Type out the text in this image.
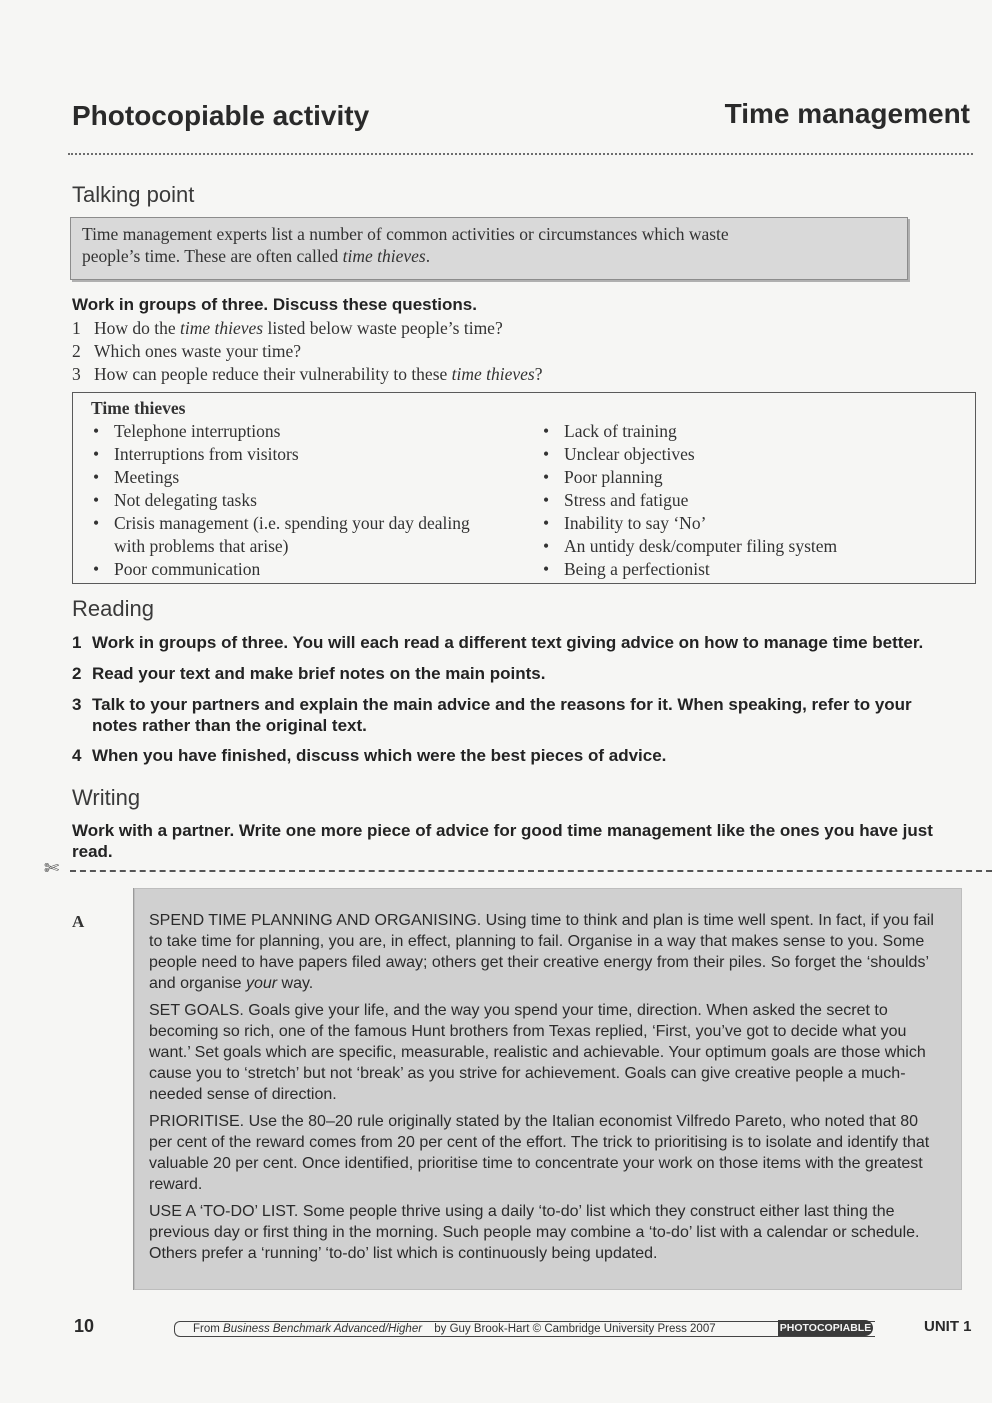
Photocopiable activity	Time management
Talking point
Time management experts list a number of common activities or circumstances which waste
people’s time. These are often called time thieves.
Work in groups of three. Discuss these questions.
1 How do the time thieves listed below waste people’s time?
2 Which ones waste your time?
3 How can people reduce their vulnerability to these time thieves?
Time thieves
• Telephone interruptions
• Interruptions from visitors
• Meetings
• Not delegating tasks
• Crisis management (i.e. spending your day dealing with problems that arise)
• Poor communication
• Lack of training
• Unclear objectives
• Poor planning
• Stress and fatigue
• Inability to say ‘No’
• An untidy desk/computer filing system
• Being a perfectionist
Reading
1 Work in groups of three. You will each read a different text giving advice on how to manage time better.
2 Read your text and make brief notes on the main points.
3 Talk to your partners and explain the main advice and the reasons for it. When speaking, refer to your notes rather than the original text.
4 When you have finished, discuss which were the best pieces of advice.
Writing
Work with a partner. Write one more piece of advice for good time management like the ones you have just read.
✄
A	SPEND TIME PLANNING AND ORGANISING. Using time to think and plan is time well spent. In fact, if you fail to take time for planning, you are, in effect, planning to fail. Organise in a way that makes sense to you. Some people need to have papers filed away; others get their creative energy from their piles. So forget the ‘shoulds’ and organise your way.

SET GOALS. Goals give your life, and the way you spend your time, direction. When asked the secret to becoming so rich, one of the famous Hunt brothers from Texas replied, ‘First, you’ve got to decide what you want.’ Set goals which are specific, measurable, realistic and achievable. Your optimum goals are those which cause you to ‘stretch’ but not ‘break’ as you strive for achievement. Goals can give creative people a much-needed sense of direction.

PRIORITISE. Use the 80–20 rule originally stated by the Italian economist Vilfredo Pareto, who noted that 80 per cent of the reward comes from 20 per cent of the effort. The trick to prioritising is to isolate and identify that valuable 20 per cent. Once identified, prioritise time to concentrate your work on those items with the greatest reward.

USE A ‘TO-DO’ LIST. Some people thrive using a daily ‘to-do’ list which they construct either last thing the previous day or first thing in the morning. Such people may combine a ‘to-do’ list with a calendar or schedule. Others prefer a ‘running’ ‘to-do’ list which is continuously being updated.

10	From Business Benchmark Advanced/Higher by Guy Brook-Hart © Cambridge University Press 2007	PHOTOCOPIABLE	UNIT 1
